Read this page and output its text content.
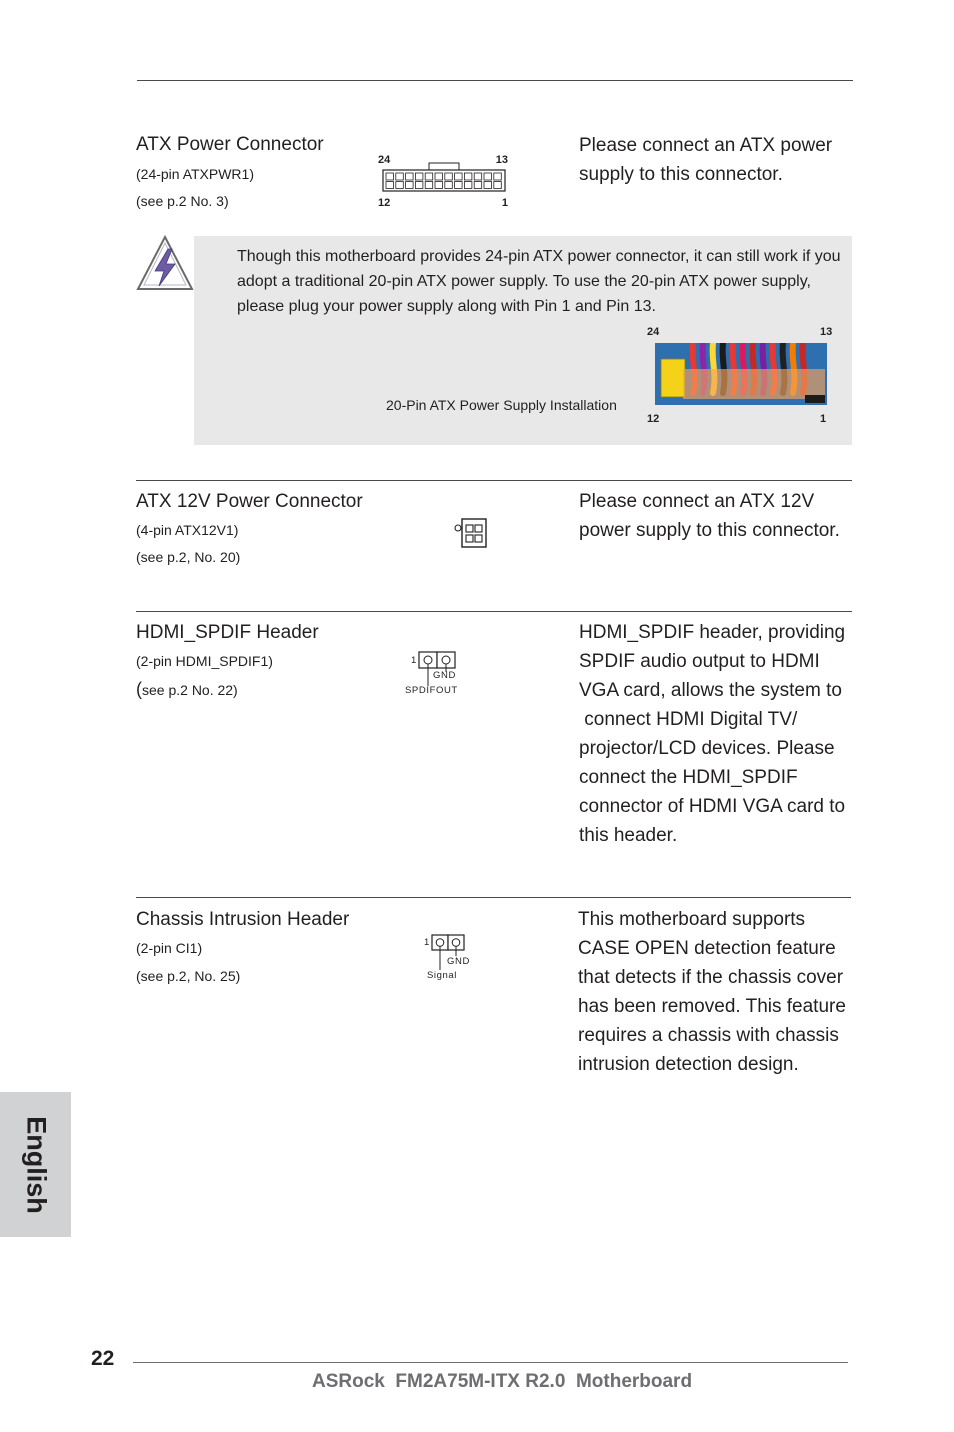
ATX Power Connector
(24-pin ATXPWR1)
(see p.2 No. 3)
24	13
12	1
Please connect an ATX power supply to this connector.
Though this motherboard provides 24-pin ATX power connector, it can still work if you adopt a traditional 20-pin ATX power supply. To use the 20-pin ATX power supply, please plug your power supply along with Pin 1 and Pin 13.
20-Pin ATX Power Supply Installation
24	13
12	1
ATX 12V Power Connector
(4-pin ATX12V1)
(see p.2, No. 20)
Please connect an ATX 12V power supply to this connector.
HDMI_SPDIF Header
(2-pin HDMI_SPDIF1)
(see p.2 No. 22)
1
GND
SPDIFOUT
HDMI_SPDIF header, providing
SPDIF audio output to HDMI
VGA card, allows the system to
connect HDMI Digital TV/
projector/LCD devices. Please
connect the HDMI_SPDIF
connector of HDMI VGA card to
this header.
Chassis Intrusion Header
(2-pin CI1)
(see p.2, No. 25)
1
GND
Signal
This motherboard supports
CASE OPEN detection feature
that detects if the chassis cover
has been removed. This feature
requires a chassis with chassis
intrusion detection design.
English
22
ASRock  FM2A75M-ITX R2.0  Motherboard
